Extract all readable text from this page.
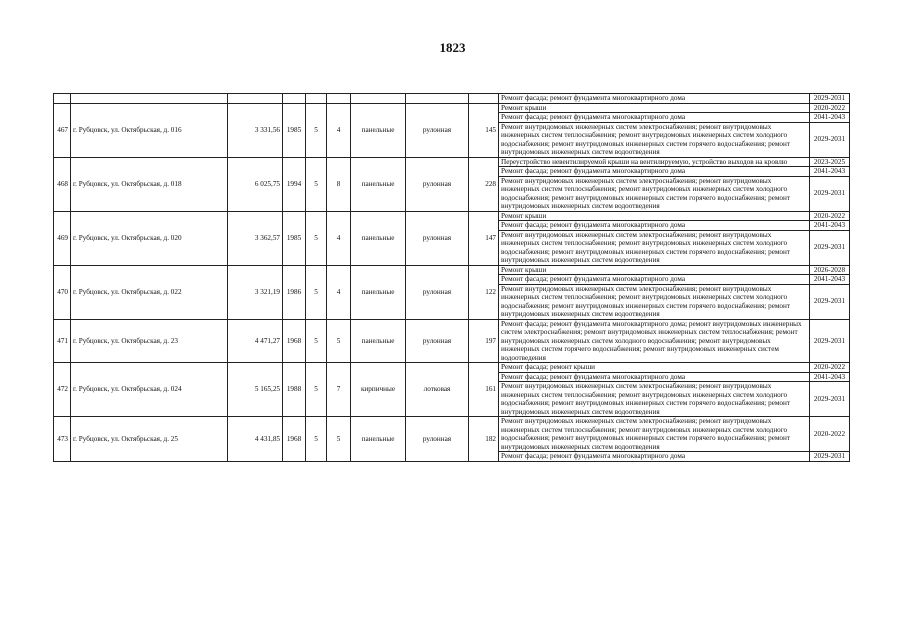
1823
									Ремонт фасада; ремонт фундамента многоквартирного дома	2029-2031
467	г. Рубцовск, ул. Октябрьская, д. 016	3 331,56	1985	5	4	панельные	рулонная	145	Ремонт крыши	2020-2022
									Ремонт фасада; ремонт фундамента многоквартирного дома	2041-2043
									Ремонт внутридомовых инженерных систем электроснабжения; ремонт внутридомовых инженерных систем теплоснабжения; ремонт внутридомовых инженерных систем холодного водоснабжения; ремонт внутридомовых инженерных систем горячего водоснабжения; ремонт внутридомовых инженерных систем водоотведения	2029-2031
468	г. Рубцовск, ул. Октябрьская, д. 018	6 025,75	1994	5	8	панельные	рулонная	228	Переустройство невентилируемой крыши на вентилируемую, устройство выходов на кровлю	2023-2025
									Ремонт фасада; ремонт фундамента многоквартирного дома	2041-2043
									Ремонт внутридомовых инженерных систем электроснабжения; ремонт внутридомовых инженерных систем теплоснабжения; ремонт внутридомовых инженерных систем холодного водоснабжения; ремонт внутридомовых инженерных систем горячего водоснабжения; ремонт внутридомовых инженерных систем водоотведения	2029-2031
469	г. Рубцовск, ул. Октябрьская, д. 020	3 362,57	1985	5	4	панельные	рулонная	147	Ремонт крыши	2020-2022
									Ремонт фасада; ремонт фундамента многоквартирного дома	2041-2043
									Ремонт внутридомовых инженерных систем электроснабжения; ремонт внутридомовых инженерных систем теплоснабжения; ремонт внутридомовых инженерных систем холодного водоснабжения; ремонт внутридомовых инженерных систем горячего водоснабжения; ремонт внутридомовых инженерных систем водоотведения	2029-2031
470	г. Рубцовск, ул. Октябрьская, д. 022	3 321,19	1986	5	4	панельные	рулонная	122	Ремонт крыши	2026-2028
									Ремонт фасада; ремонт фундамента многоквартирного дома	2041-2043
									Ремонт внутридомовых инженерных систем электроснабжения; ремонт внутридомовых инженерных систем теплоснабжения; ремонт внутридомовых инженерных систем холодного водоснабжения; ремонт внутридомовых инженерных систем горячего водоснабжения; ремонт внутридомовых инженерных систем водоотведения	2029-2031
471	г. Рубцовск, ул. Октябрьская, д. 23	4 471,27	1968	5	5	панельные	рулонная	197	Ремонт фасада; ремонт фундамента многоквартирного дома; ремонт внутридомовых инженерных систем электроснабжения; ремонт внутридомовых инженерных систем теплоснабжения; ремонт внутридомовых инженерных систем холодного водоснабжения; ремонт внутридомовых инженерных систем горячего водоснабжения; ремонт внутридомовых инженерных систем водоотведения	2029-2031
472	г. Рубцовск, ул. Октябрьская, д. 024	5 165,25	1988	5	7	кирпичные	лотковая	161	Ремонт фасада; ремонт крыши	2020-2022
									Ремонт фасада; ремонт фундамента многоквартирного дома	2041-2043
									Ремонт внутридомовых инженерных систем электроснабжения; ремонт внутридомовых инженерных систем теплоснабжения; ремонт внутридомовых инженерных систем холодного водоснабжения; ремонт внутридомовых инженерных систем горячего водоснабжения; ремонт внутридомовых инженерных систем водоотведения	2029-2031
473	г. Рубцовск, ул. Октябрьская, д. 25	4 431,85	1968	5	5	панельные	рулонная	182	Ремонт внутридомовых инженерных систем электроснабжения; ремонт внутридомовых инженерных систем теплоснабжения; ремонт внутридомовых инженерных систем холодного водоснабжения; ремонт внутридомовых инженерных систем горячего водоснабжения; ремонт внутридомовых инженерных систем водоотведения	2020-2022
									Ремонт фасада; ремонт фундамента многоквартирного дома	2029-2031
